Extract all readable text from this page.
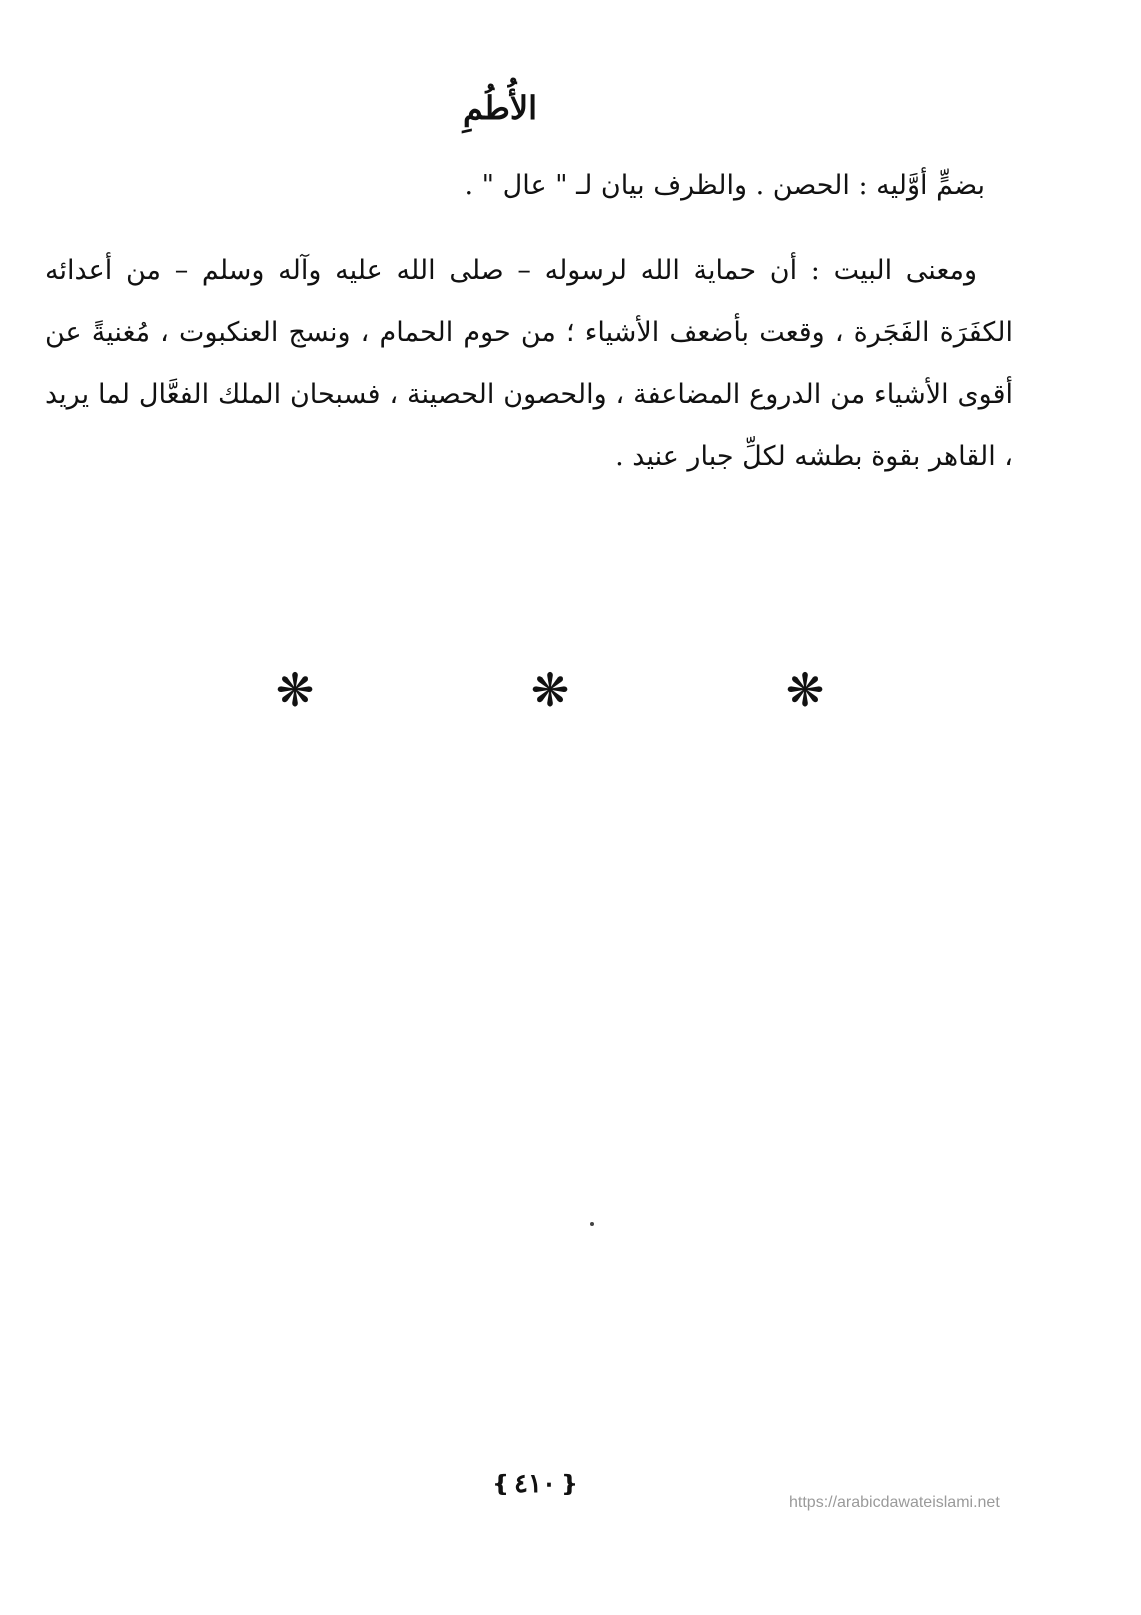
الأُطُمِ
بضمٍّ أوَّليه : الحصن . والظرف بيان لـ " عال " .
ومعنى البيت : أن حماية الله لرسوله – صلى الله عليه وآله وسلم – من أعدائه الكفَرَة الفَجَرة ، وقعت بأضعف الأشياء ؛ من حوم الحمام ، ونسج العنكبوت ، مُغنيةً عن أقوى الأشياء من الدروع المضاعفة ، والحصون الحصينة ، فسبحان الملك الفعَّال لما يريد ، القاهر بقوة بطشه لكلِّ جبار عنيد .
❋	❋	❋
❴ ٤١٠ ❵
https://arabicdawateislami.net
